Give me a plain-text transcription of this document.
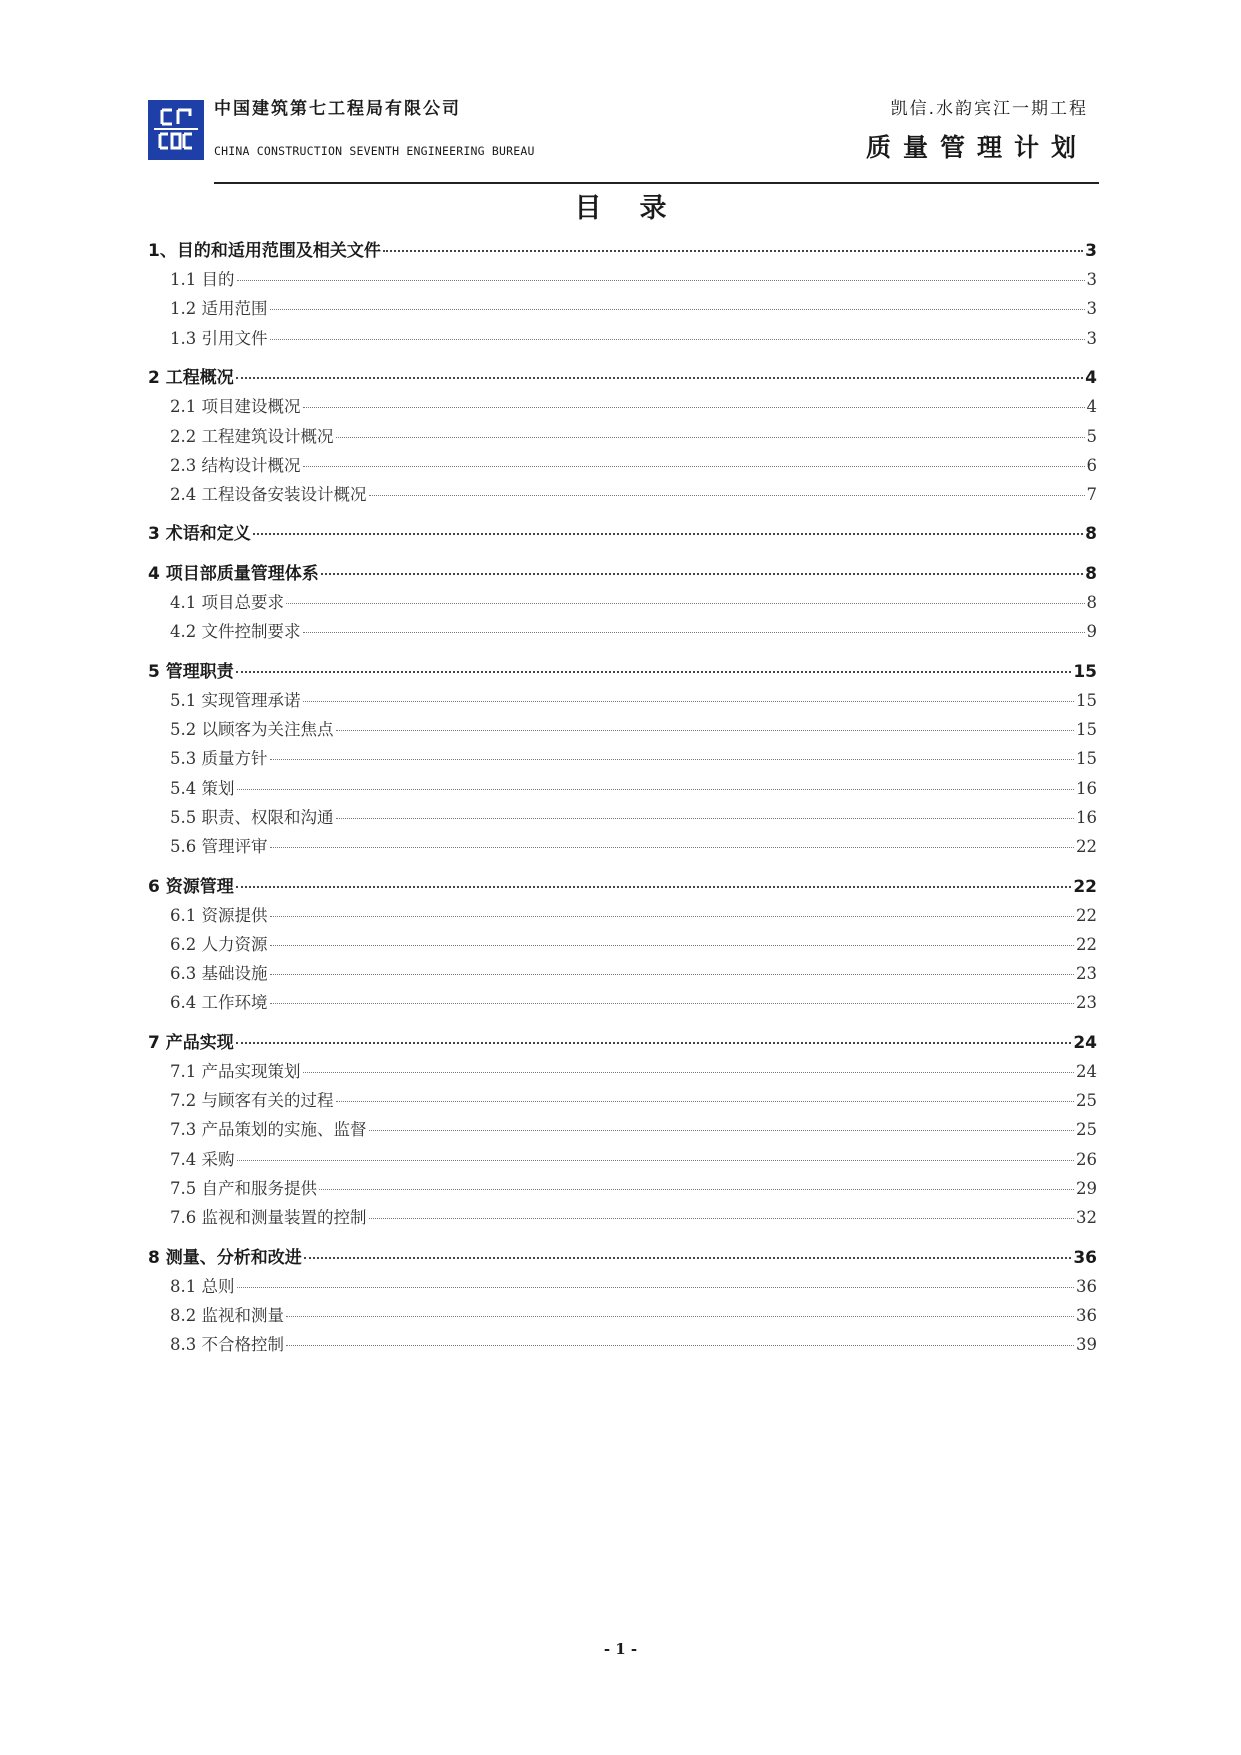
中国建筑第七工程局有限公司
CHINA CONSTRUCTION SEVENTH ENGINEERING BUREAU
凯信.水韵宾江一期工程
质量管理计划
目录
1、目的和适用范围及相关文件	3
1.1 目的	3
1.2 适用范围	3
1.3 引用文件	3
2 工程概况	4
2.1 项目建设概况	4
2.2 工程建筑设计概况	5
2.3 结构设计概况	6
2.4 工程设备安装设计概况	7
3 术语和定义	8
4 项目部质量管理体系	8
4.1 项目总要求	8
4.2 文件控制要求	9
5 管理职责	15
5.1 实现管理承诺	15
5.2 以顾客为关注焦点	15
5.3 质量方针	15
5.4 策划	16
5.5 职责、权限和沟通	16
5.6 管理评审	22
6 资源管理	22
6.1 资源提供	22
6.2 人力资源	22
6.3 基础设施	23
6.4 工作环境	23
7 产品实现	24
7.1 产品实现策划	24
7.2 与顾客有关的过程	25
7.3 产品策划的实施、监督	25
7.4 采购	26
7.5 自产和服务提供	29
7.6 监视和测量装置的控制	32
8 测量、分析和改进	36
8.1 总则	36
8.2 监视和测量	36
8.3 不合格控制	39
- 1 -
